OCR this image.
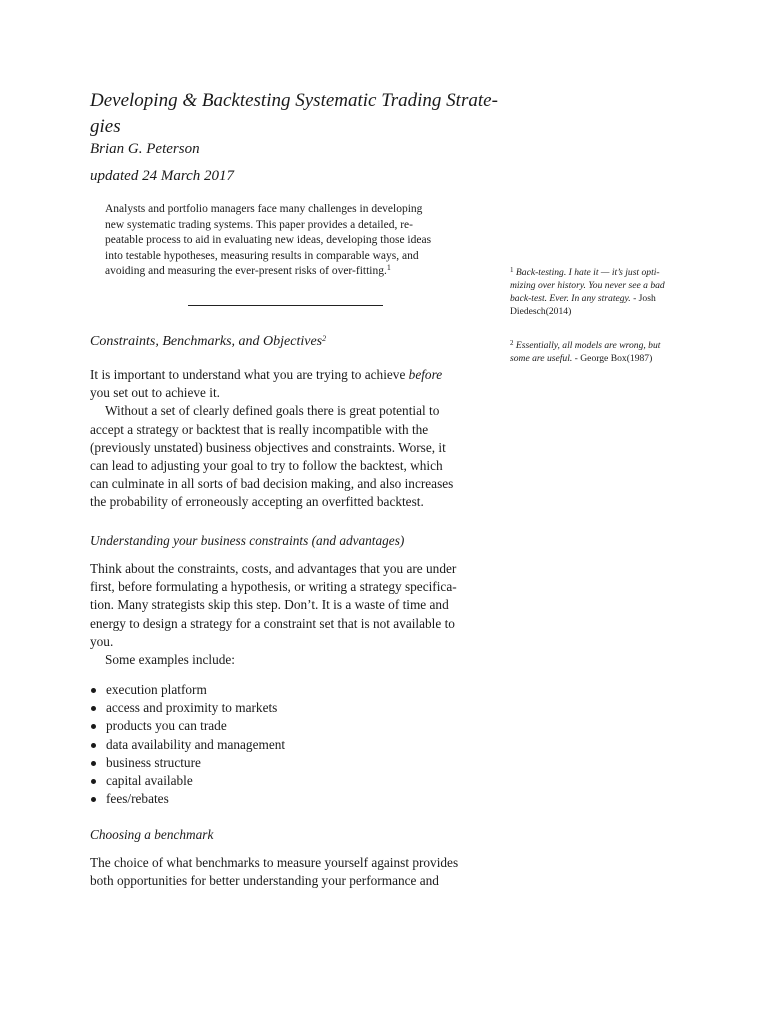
Developing & Backtesting Systematic Trading Strate-
gies
Brian G. Peterson
updated 24 March 2017
Analysts and portfolio managers face many challenges in developing
new systematic trading systems. This paper provides a detailed, re-
peatable process to aid in evaluating new ideas, developing those ideas
into testable hypotheses, measuring results in comparable ways, and
avoiding and measuring the ever-present risks of over-fitting.$^1$	$^1$ Back-testing. I hate it — it’s just opti-
mizing over history. You never see a bad
back-test. Ever. In any strategy. - Josh
Diedesch(2014)
$^2$ Essentially, all models are wrong, but
some are useful. - George Box(1987)
Constraints, Benchmarks, and Objectives$^2$
It is important to understand what you are trying to achieve before
you set out to achieve it.
Without a set of clearly defined goals there is great potential to
accept a strategy or backtest that is really incompatible with the
(previously unstated) business objectives and constraints. Worse, it
can lead to adjusting your goal to try to follow the backtest, which
can culminate in all sorts of bad decision making, and also increases
the probability of erroneously accepting an overfitted backtest.
Understanding your business constraints (and advantages)
Think about the constraints, costs, and advantages that you are under
first, before formulating a hypothesis, or writing a strategy specifica-
tion. Many strategists skip this step. Don’t. It is a waste of time and
energy to design a strategy for a constraint set that is not available to
you.
Some examples include:
execution platform
access and proximity to markets
products you can trade
data availability and management
business structure
capital available
fees/rebates
Choosing a benchmark
The choice of what benchmarks to measure yourself against provides
both opportunities for better understanding your performance and
